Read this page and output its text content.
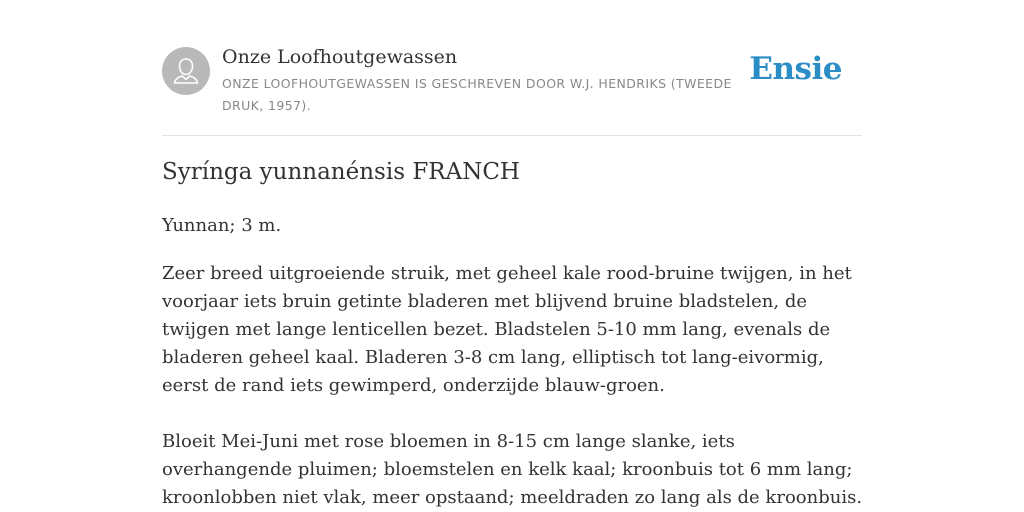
Onze Loofhoutgewassen
ONZE LOOFHOUTGEWASSEN IS GESCHREVEN DOOR W.J. HENDRIKS (TWEEDE DRUK, 1957).
Ensie
Syrínga yunnanénsis FRANCH

Yunnan; 3 m.

Zeer breed uitgroeiende struik, met geheel kale rood-bruine twijgen, in het voorjaar iets bruin getinte bladeren met blijvend bruine bladstelen, de twijgen met lange lenticellen bezet. Bladstelen 5-10 mm lang, evenals de bladeren geheel kaal. Bladeren 3-8 cm lang, elliptisch tot lang-eivormig, eerst de rand iets gewimperd, onderzijde blauw-groen.

Bloeit Mei-Juni met rose bloemen in 8-15 cm lange slanke, iets overhangende pluimen; bloemstelen en kelk kaal; kroonbuis tot 6 mm lang; kroonlobben niet vlak, meer opstaand; meeldraden zo lang als de kroonbuis.
